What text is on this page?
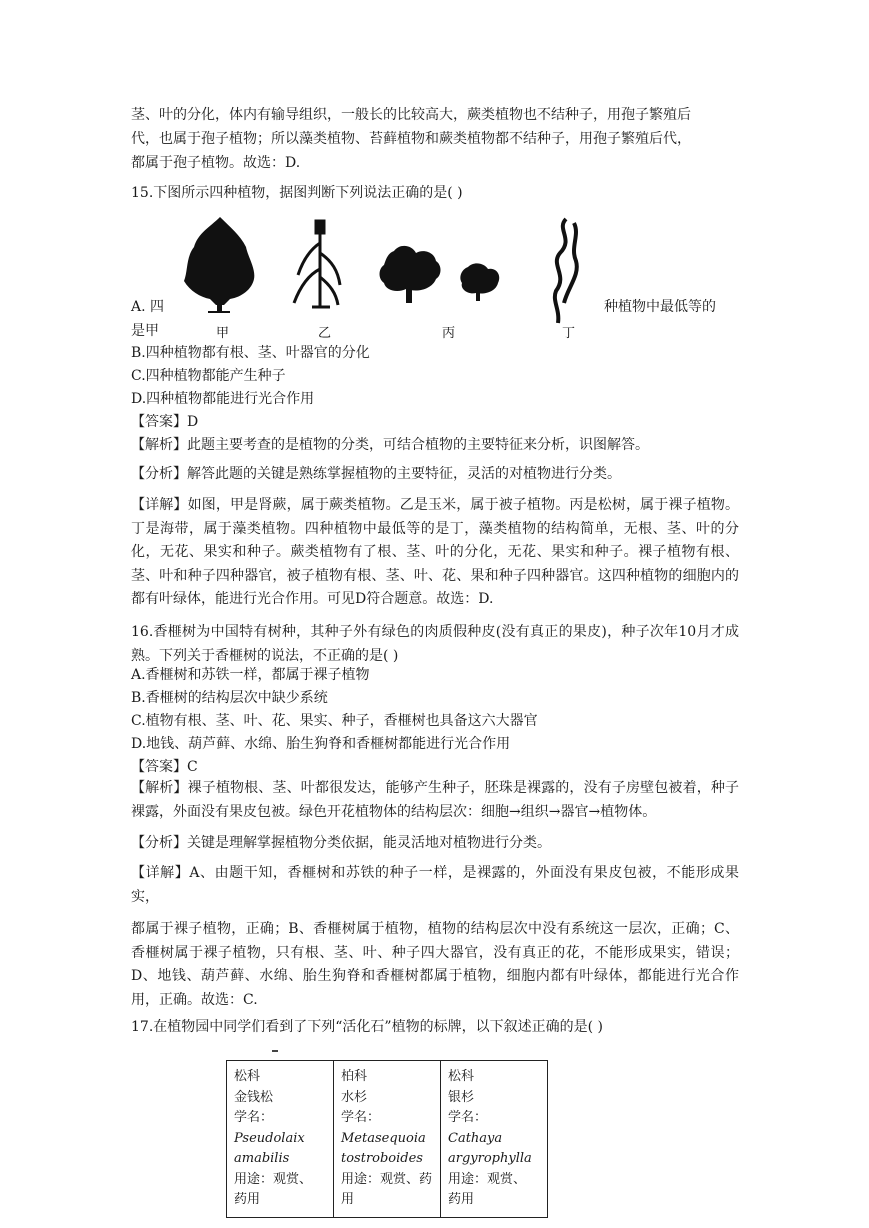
茎、叶的分化，体内有输导组织，一般长的比较高大，蕨类植物也不结种子，用孢子繁殖后
代，也属于孢子植物；所以藻类植物、苔藓植物和蕨类植物都不结种子，用孢子繁殖后代，
都属于孢子植物。故选：D.
15.下图所示四种植物，据图判断下列说法正确的是( )
甲	乙	丙	丁
A. 四	种植物中最低等的
是甲
B.四种植物都有根、茎、叶器官的分化
C.四种植物都能产生种子
D.四种植物都能进行光合作用
【答案】D
【解析】此题主要考查的是植物的分类，可结合植物的主要特征来分析，识图解答。
【分析】解答此题的关键是熟练掌握植物的主要特征，灵活的对植物进行分类。
【详解】如图，甲是肾蕨，属于蕨类植物。乙是玉米，属于被子植物。丙是松树，属于裸子植物。丁是海带，属于藻类植物。四种植物中最低等的是丁，藻类植物的结构简单，无根、茎、叶的分化，无花、果实和种子。蕨类植物有了根、茎、叶的分化，无花、果实和种子。裸子植物有根、茎、叶和种子四种器官，被子植物有根、茎、叶、花、果和种子四种器官。这四种植物的细胞内的都有叶绿体，能进行光合作用。可见D符合题意。故选：D.
16.香榧树为中国特有树种，其种子外有绿色的肉质假种皮(没有真正的果皮)，种子次年10月才成熟。下列关于香榧树的说法，不正确的是( )
A.香榧树和苏铁一样，都属于裸子植物
B.香榧树的结构层次中缺少系统
C.植物有根、茎、叶、花、果实、种子，香榧树也具备这六大器官
D.地钱、葫芦藓、水绵、胎生狗脊和香榧树都能进行光合作用
【答案】C
【解析】裸子植物根、茎、叶都很发达，能够产生种子，胚珠是裸露的，没有子房壁包被着，种子裸露，外面没有果皮包被。绿色开花植物体的结构层次：细胞→组织→器官→植物体。
【分析】关键是理解掌握植物分类依据，能灵活地对植物进行分类。
【详解】A、由题干知，香榧树和苏铁的种子一样，是裸露的，外面没有果皮包被，不能形成果实，
都属于裸子植物，正确；B、香榧树属于植物，植物的结构层次中没有系统这一层次，正确；C、香榧树属于裸子植物，只有根、茎、叶、种子四大器官，没有真正的花，不能形成果实，错误；D、地钱、葫芦藓、水绵、胎生狗脊和香榧树都属于植物，细胞内都有叶绿体，都能进行光合作用，正确。故选：C.
17.在植物园中同学们看到了下列“活化石”植物的标牌，以下叙述正确的是( )
松科
金钱松
学名：
Pseudolaix
amabilis
用途：观赏、
药用

柏科
水杉
学名：
Metasequoia
tostroboides
用途：观赏、药
用

松科
银杉
学名：
Cathaya
argyrophylla
用途：观赏、
药用
